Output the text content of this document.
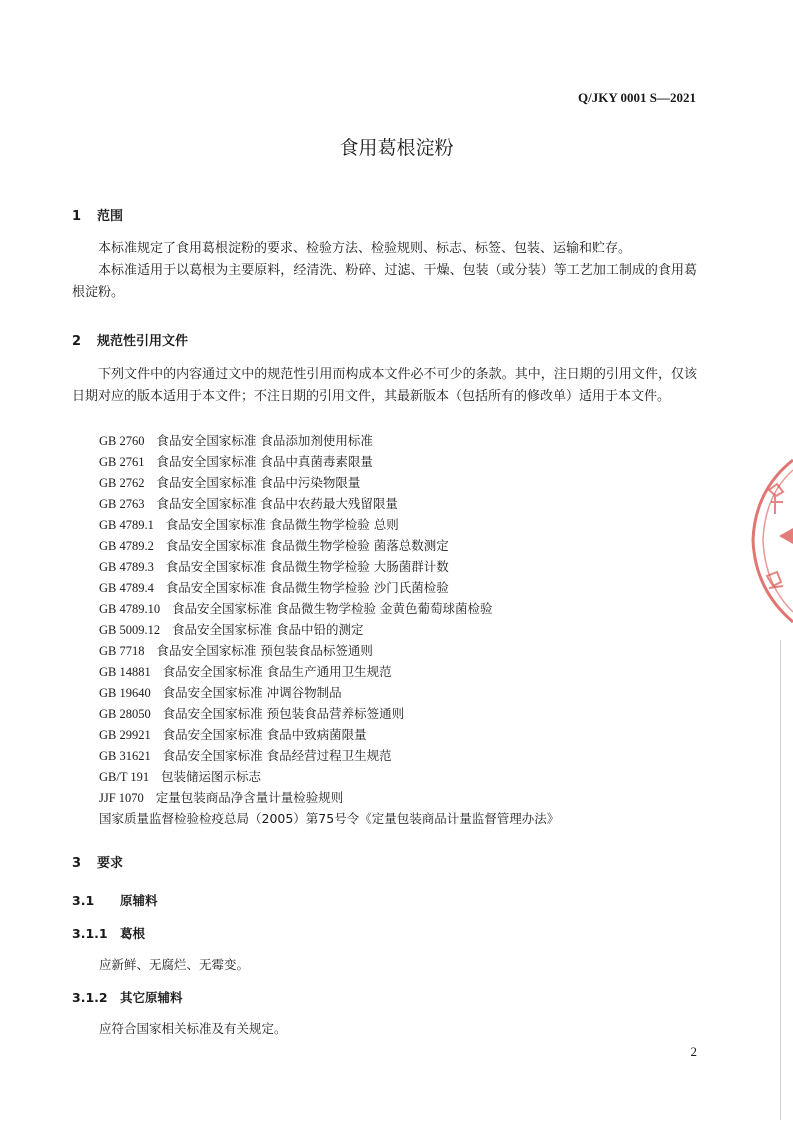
Q/JKY 0001 S—2021
食用葛根淀粉
1 范围

本标准规定了食用葛根淀粉的要求、检验方法、检验规则、标志、标签、包装、运输和贮存。

本标准适用于以葛根为主要原料，经清洗、粉碎、过滤、干燥、包装（或分装）等工艺加工制成的食用葛根淀粉。

2 规范性引用文件

下列文件中的内容通过文中的规范性引用而构成本文件必不可少的条款。其中，注日期的引用文件，仅该日期对应的版本适用于本文件；不注日期的引用文件，其最新版本（包括所有的修改单）适用于本文件。

GB 2760 食品安全国家标准 食品添加剂使用标准
GB 2761 食品安全国家标准 食品中真菌毒素限量
GB 2762 食品安全国家标准 食品中污染物限量
GB 2763 食品安全国家标准 食品中农药最大残留限量
GB 4789.1 食品安全国家标准 食品微生物学检验 总则
GB 4789.2 食品安全国家标准 食品微生物学检验 菌落总数测定
GB 4789.3 食品安全国家标准 食品微生物学检验 大肠菌群计数
GB 4789.4 食品安全国家标准 食品微生物学检验 沙门氏菌检验
GB 4789.10 食品安全国家标准 食品微生物学检验 金黄色葡萄球菌检验
GB 5009.12 食品安全国家标准 食品中铅的测定
GB 7718 食品安全国家标准 预包装食品标签通则
GB 14881 食品安全国家标准 食品生产通用卫生规范
GB 19640 食品安全国家标准 冲调谷物制品
GB 28050 食品安全国家标准 预包装食品营养标签通则
GB 29921 食品安全国家标准 食品中致病菌限量
GB 31621 食品安全国家标准 食品经营过程卫生规范
GB/T 191 包装储运图示标志
JJF 1070 定量包装商品净含量计量检验规则
国家质量监督检验检疫总局（2005）第75号令《定量包装商品计量监督管理办法》
3 要求
3.1 原辅料
3.1.1 葛根
应新鲜、无腐烂、无霉变。
3.1.2 其它原辅料
应符合国家相关标准及有关规定。
2
